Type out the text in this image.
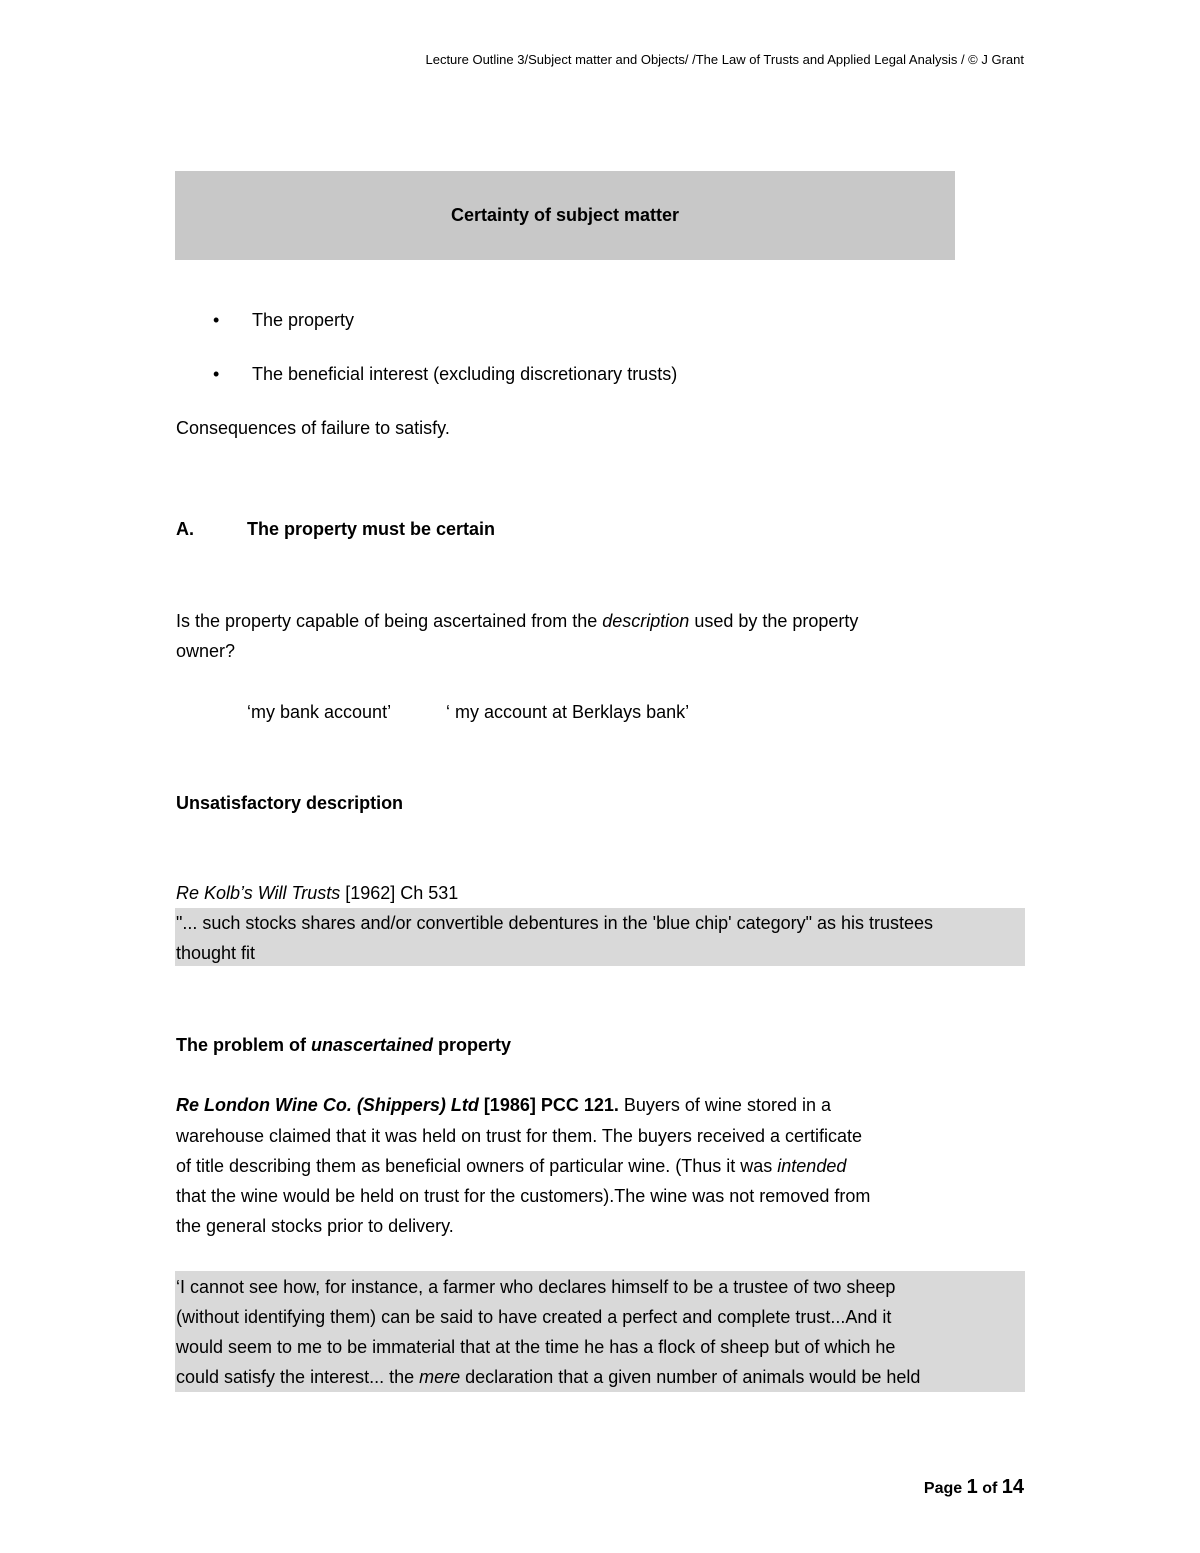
Lecture Outline 3/Subject matter and Objects/ /The Law of Trusts and Applied Legal Analysis / © J Grant
Certainty of subject matter
• The property
• The beneficial interest (excluding discretionary trusts)
Consequences of failure to satisfy.
A.	The property must be certain
Is the property capable of being ascertained from the description used by the property
owner?
‘my bank account’	‘ my account at Berklays bank’
Unsatisfactory description
Re Kolb’s Will Trusts [1962] Ch 531
"... such stocks shares and/or convertible debentures in the 'blue chip' category" as his trustees
thought fit
The problem of unascertained property
Re London Wine Co. (Shippers) Ltd [1986] PCC 121. Buyers of wine stored in a
warehouse claimed that it was held on trust for them. The buyers received a certificate
of title describing them as beneficial owners of particular wine. (Thus it was intended
that the wine would be held on trust for the customers).The wine was not removed from
the general stocks prior to delivery.
‘I cannot see how, for instance, a farmer who declares himself to be a trustee of two sheep
(without identifying them) can be said to have created a perfect and complete trust...And it
would seem to me to be immaterial that at the time he has a flock of sheep but of which he
could satisfy the interest... the mere declaration that a given number of animals would be held
Page 1 of 14
